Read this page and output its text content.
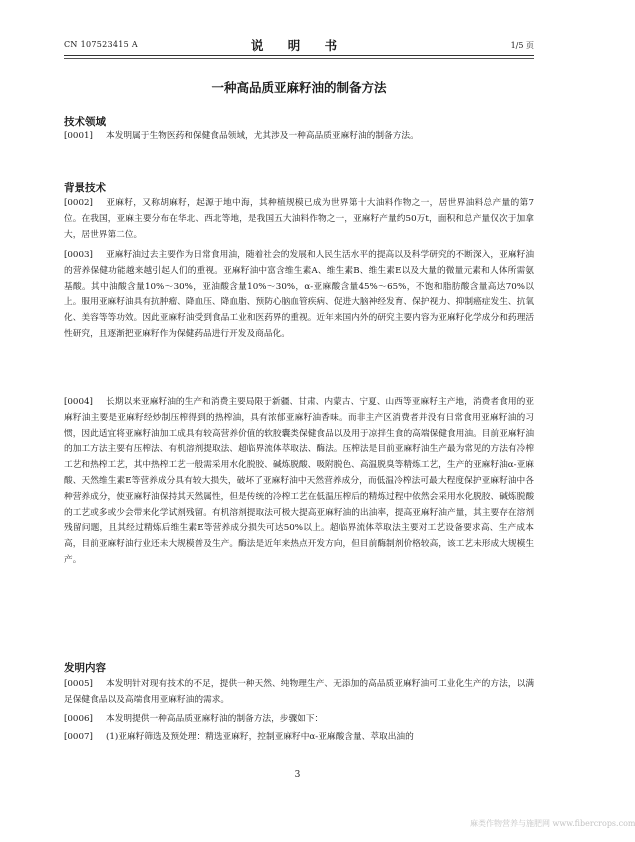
CN 107523415 A	说 明 书	1/5 页
一种高品质亚麻籽油的制备方法
技术领域
[0001] 本发明属于生物医药和保健食品领域，尤其涉及一种高品质亚麻籽油的制备方法。
背景技术
[0002] 亚麻籽，又称胡麻籽，起源于地中海，其种植规模已成为世界第十大油料作物之一，居世界油料总产量的第7位。在我国，亚麻主要分布在华北、西北等地，是我国五大油料作物之一，亚麻籽产量约50万t，面积和总产量仅次于加拿大，居世界第二位。
[0003] 亚麻籽油过去主要作为日常食用油，随着社会的发展和人民生活水平的提高以及科学研究的不断深入，亚麻籽油的营养保健功能越来越引起人们的重视。亚麻籽油中富含维生素A、维生素B、维生素E以及大量的微量元素和人体所需氨基酸。其中油酸含量10%～30%，亚油酸含量10%～30%，α-亚麻酸含量45%～65%，不饱和脂肪酸含量高达70%以上。服用亚麻籽油具有抗肿瘤、降血压、降血脂、预防心脑血管疾病、促进大脑神经发育、保护视力、抑制癌症发生、抗氧化、美容等等功效。因此亚麻籽油受到食品工业和医药界的重视。近年来国内外的研究主要内容为亚麻籽化学成分和药理活性研究，且逐渐把亚麻籽作为保健药品进行开发及商品化。
[0004] 长期以来亚麻籽油的生产和消费主要局限于新疆、甘肃、内蒙古、宁夏、山西等亚麻籽主产地，消费者食用的亚麻籽油主要是亚麻籽经炒制压榨得到的热榨油，具有浓郁亚麻籽油香味。而非主产区消费者并没有日常食用亚麻籽油的习惯，因此适宜将亚麻籽油加工成具有较高营养价值的软胶囊类保健食品以及用于凉拌生食的高端保健食用油。目前亚麻籽油的加工方法主要有压榨法、有机溶剂提取法、超临界流体萃取法、酶法。压榨法是目前亚麻籽油生产最为常见的方法有冷榨工艺和热榨工艺，其中热榨工艺一般需采用水化脱胶、碱炼脱酸、吸附脱色、高温脱臭等精炼工艺，生产的亚麻籽油α-亚麻酸、天然维生素E等营养成分具有较大损失，破坏了亚麻籽油中天然营养成分，而低温冷榨法可最大程度保护亚麻籽油中各种营养成分，使亚麻籽油保持其天然属性，但是传统的冷榨工艺在低温压榨后的精炼过程中依然会采用水化脱胶、碱炼脱酸的工艺或多或少会带来化学试剂残留。有机溶剂提取法可极大提高亚麻籽油的出油率，提高亚麻籽油产量，其主要存在溶剂残留问题，且其经过精炼后维生素E等营养成分损失可达50%以上。超临界流体萃取法主要对工艺设备要求高、生产成本高，目前亚麻籽油行业还未大规模普及生产。酶法是近年来热点开发方向，但目前酶制剂价格较高，该工艺未形成大规模生产。
发明内容
[0005] 本发明针对现有技术的不足，提供一种天然、纯物理生产、无添加的高品质亚麻籽油可工业化生产的方法，以满足保健食品以及高端食用亚麻籽油的需求。
[0006] 本发明提供一种高品质亚麻籽油的制备方法，步骤如下：
[0007] (1)亚麻籽筛选及预处理：精选亚麻籽，控制亚麻籽中α-亚麻酸含量、萃取出油的
3
麻类作物营养与施肥网 www.fibercrops.com
